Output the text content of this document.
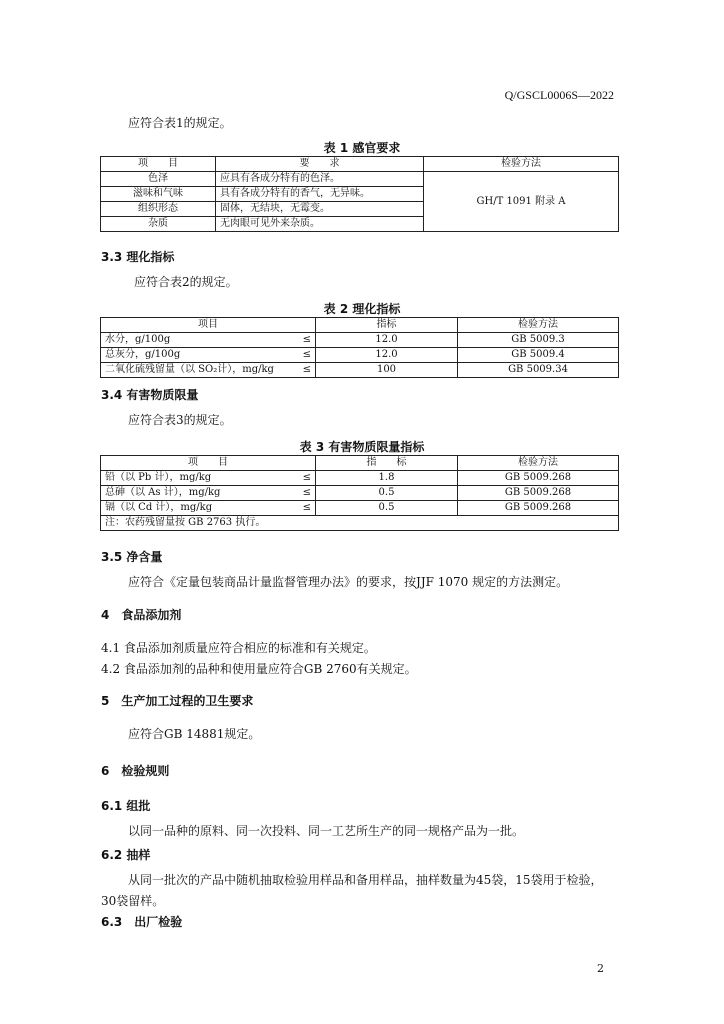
Q/GSCL0006S—2022
应符合表1的规定。
表 1 感官要求
项　　目	要　　求	检验方法
色泽	应具有各成分特有的色泽。	GH/T 1091 附录 A
滋味和气味	具有各成分特有的香气，无异味。	
组织形态	固体，无结块，无霉变。	
杂质	无肉眼可见外来杂质。	
3.3 理化指标
应符合表2的规定。
表 2 理化指标
项目		指标	检验方法
水分，g/100g	≤	12.0	GB 5009.3
总灰分，g/100g	≤	12.0	GB 5009.4
二氧化硫残留量（以 SO₂计），mg/kg	≤	100	GB 5009.34
3.4 有害物质限量
应符合表3的规定。
表 3 有害物质限量指标
项　　目		指　　标	检验方法
铅（以 Pb 计），mg/kg	≤	1.8	GB 5009.268
总砷（以 As 计），mg/kg	≤	0.5	GB 5009.268
镉（以 Cd 计），mg/kg	≤	0.5	GB 5009.268
注：农药残留量按 GB 2763 执行。			
3.5 净含量
应符合《定量包装商品计量监督管理办法》的要求，按JJF 1070 规定的方法测定。
4　食品添加剂
4.1 食品添加剂质量应符合相应的标准和有关规定。
4.2 食品添加剂的品种和使用量应符合GB 2760有关规定。
5　生产加工过程的卫生要求
应符合GB 14881规定。
6　检验规则
6.1 组批
以同一品种的原料、同一次投料、同一工艺所生产的同一规格产品为一批。
6.2 抽样
从同一批次的产品中随机抽取检验用样品和备用样品，抽样数量为45袋，15袋用于检验，
30袋留样。
6.3　出厂检验
2
